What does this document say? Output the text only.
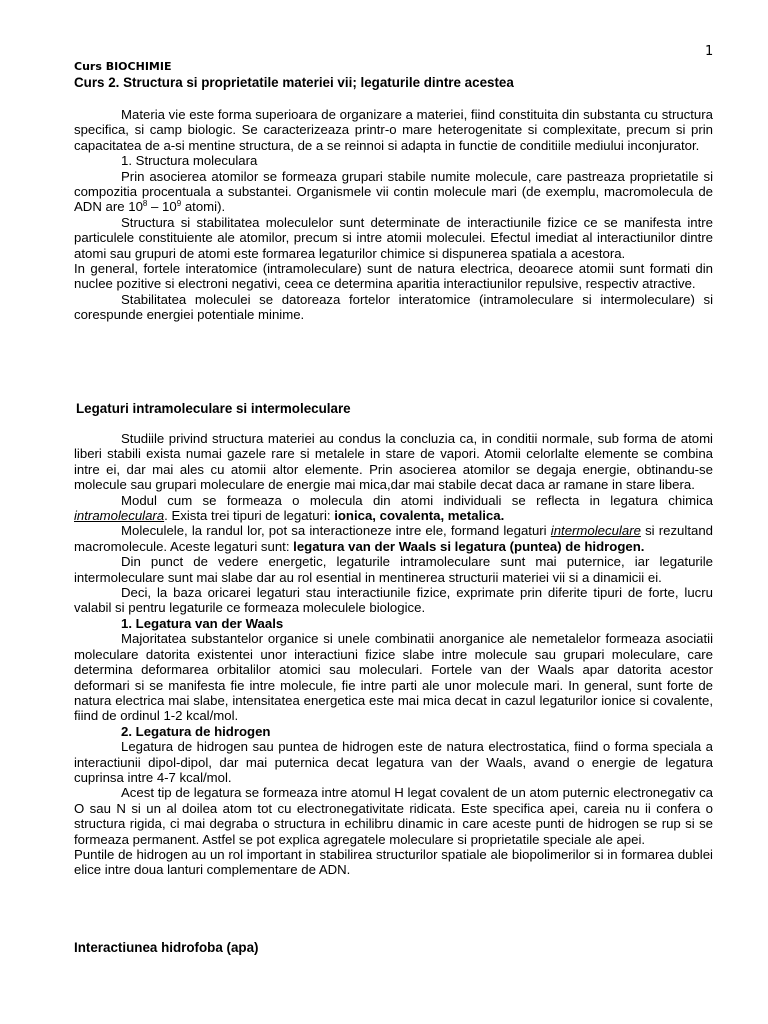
1
Curs BIOCHIMIE
Curs 2. Structura si proprietatile materiei vii; legaturile dintre acestea

Materia vie este forma superioara de organizare a materiei, fiind constituita din substanta cu structura specifica, si camp biologic. Se caracterizeaza printr-o mare heterogenitate si complexitate, precum si prin capacitatea de a-si mentine structura, de a se reinnoi si adapta in functie de conditiile mediului inconjurator.

1. Structura moleculara

Prin asocierea atomilor se formeaza grupari stabile numite molecule, care pastreaza proprietatile si compozitia procentuala a substantei. Organismele vii contin molecule mari (de exemplu, macromolecula de ADN are $10^8 - 10^9$ atomi).

Structura si stabilitatea moleculelor sunt determinate de interactiunile fizice ce se manifesta intre particulele constituiente ale atomilor, precum si intre atomii moleculei. Efectul imediat al interactiunilor dintre atomi sau grupuri de atomi este formarea legaturilor chimice si dispunerea spatiala a acestora.

In general, fortele interatomice (intramoleculare) sunt de natura electrica, deoarece atomii sunt formati din nuclee pozitive si electroni negativi, ceea ce determina aparitia interactiunilor repulsive, respectiv atractive.

Stabilitatea moleculei se datoreaza fortelor interatomice (intramoleculare si intermoleculare) si corespunde energiei potentiale minime.

Legaturi intramoleculare si intermoleculare

Studiile privind structura materiei au condus la concluzia ca, in conditii normale, sub forma de atomi liberi stabili exista numai gazele rare si metalele in stare de vapori. Atomii celorlalte elemente se combina intre ei, dar mai ales cu atomii altor elemente. Prin asocierea atomilor se degaja energie, obtinandu-se molecule sau grupari moleculare de energie mai mica,dar mai stabile decat daca ar ramane in stare libera.

Modul cum se formeaza o molecula din atomi individuali se reflecta in legatura chimica intramoleculara. Exista trei tipuri de legaturi: ionica, covalenta, metalica.

Moleculele, la randul lor, pot sa interactioneze intre ele, formand legaturi intermoleculare si rezultand macromolecule. Aceste legaturi sunt: legatura van der Waals si legatura (puntea) de hidrogen.

Din punct de vedere energetic, legaturile intramoleculare sunt mai puternice, iar legaturile intermoleculare sunt mai slabe dar au rol esential in mentinerea structurii materiei vii si a dinamicii ei.

Deci, la baza oricarei legaturi stau interactiunile fizice, exprimate prin diferite tipuri de forte, lucru valabil si pentru legaturile ce formeaza moleculele biologice.

1. Legatura van der Waals

Majoritatea substantelor organice si unele combinatii anorganice ale nemetalelor formeaza asociatii moleculare datorita existentei unor interactiuni fizice slabe intre molecule sau grupari moleculare, care determina deformarea orbitalilor atomici sau moleculari. Fortele van der Waals apar datorita acestor deformari si se manifesta fie intre molecule, fie intre parti ale unor molecule mari. In general, sunt forte de natura electrica mai slabe, intensitatea energetica este mai mica decat in cazul legaturilor ionice si covalente, fiind de ordinul 1-2 kcal/mol.

2. Legatura de hidrogen

Legatura de hidrogen sau puntea de hidrogen este de natura electrostatica, fiind o forma speciala a interactiunii dipol-dipol, dar mai puternica decat legatura van der Waals, avand o energie de legatura cuprinsa intre 4-7 kcal/mol.

Acest tip de legatura se formeaza intre atomul H legat covalent de un atom puternic electronegativ ca O sau N si un al doilea atom tot cu electronegativitate ridicata. Este specifica apei, careia nu ii confera o structura rigida, ci mai degraba o structura in echilibru dinamic in care aceste punti de hidrogen se rup si se formeaza permanent. Astfel se pot explica agregatele moleculare si proprietatile speciale ale apei.

Puntile de hidrogen au un rol important in stabilirea structurilor spatiale ale biopolimerilor si in formarea dublei elice intre doua lanturi complementare de ADN.

Interactiunea hidrofoba (apa)
